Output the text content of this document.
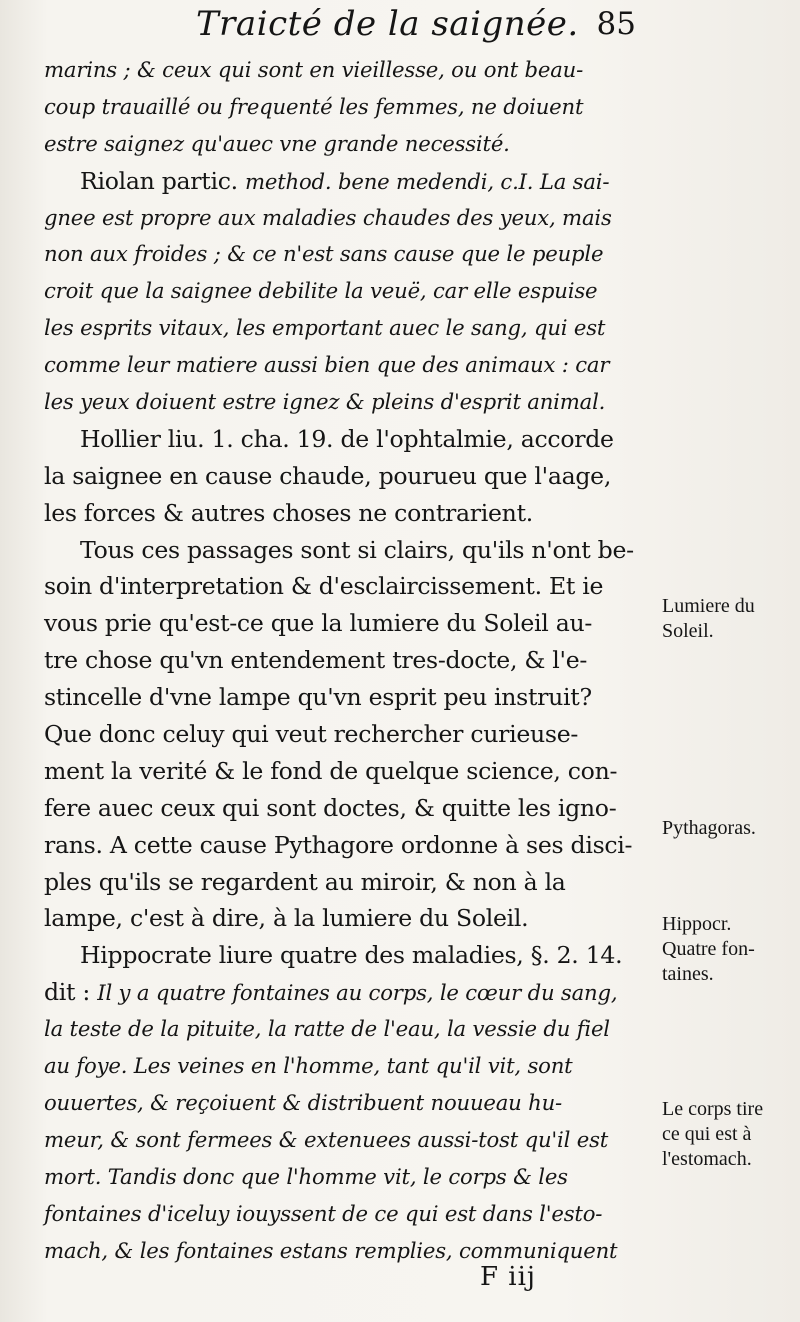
Traicté de la saignée. 85
marins ; & ceux qui sont en vieillesse, ou ont beau-
coup trauaillé ou frequenté les femmes, ne doiuent
estre saignez qu'auec vne grande necessité.
Riolan partic. method. bene medendi, c.I. La sai-
gnee est propre aux maladies chaudes des yeux, mais
non aux froides ; & ce n'est sans cause que le peuple
croit que la saignee debilite la veuë, car elle espuise
les esprits vitaux, les emportant auec le sang, qui est
comme leur matiere aussi bien que des animaux : car
les yeux doiuent estre ignez & pleins d'esprit animal.
Hollier liu. 1. cha. 19. de l'ophtalmie, accorde
la saignee en cause chaude, pourueu que l'aage,
les forces & autres choses ne contrarient.
Tous ces passages sont si clairs, qu'ils n'ont be-
soin d'interpretation & d'esclaircissement. Et ie
vous prie qu'est-ce que la lumiere du Soleil au-
tre chose qu'vn entendement tres-docte, & l'e-
stincelle d'vne lampe qu'vn esprit peu instruit?
Que donc celuy qui veut rechercher curieuse-
ment la verité & le fond de quelque science, con-
fere auec ceux qui sont doctes, & quitte les igno-
rans. A cette cause Pythagore ordonne à ses disci-
ples qu'ils se regardent au miroir, & non à la
lampe, c'est à dire, à la lumiere du Soleil.
Hippocrate liure quatre des maladies, §. 2. 14.
dit : Il y a quatre fontaines au corps, le cœur du sang,
la teste de la pituite, la ratte de l'eau, la vessie du fiel
au foye. Les veines en l'homme, tant qu'il vit, sont
ouuertes, & reçoiuent & distribuent nouueau hu-
meur, & sont fermees & extenuees aussi-tost qu'il est
mort. Tandis donc que l'homme vit, le corps & les
fontaines d'iceluy iouyssent de ce qui est dans l'esto-
mach, & les fontaines estans remplies, communiquent
Lumiere du
Soleil.
Pythagoras.
Hippocr.
Quatre fon-
taines.
Le corps tire
ce qui est à
l'estomach.
F iij
